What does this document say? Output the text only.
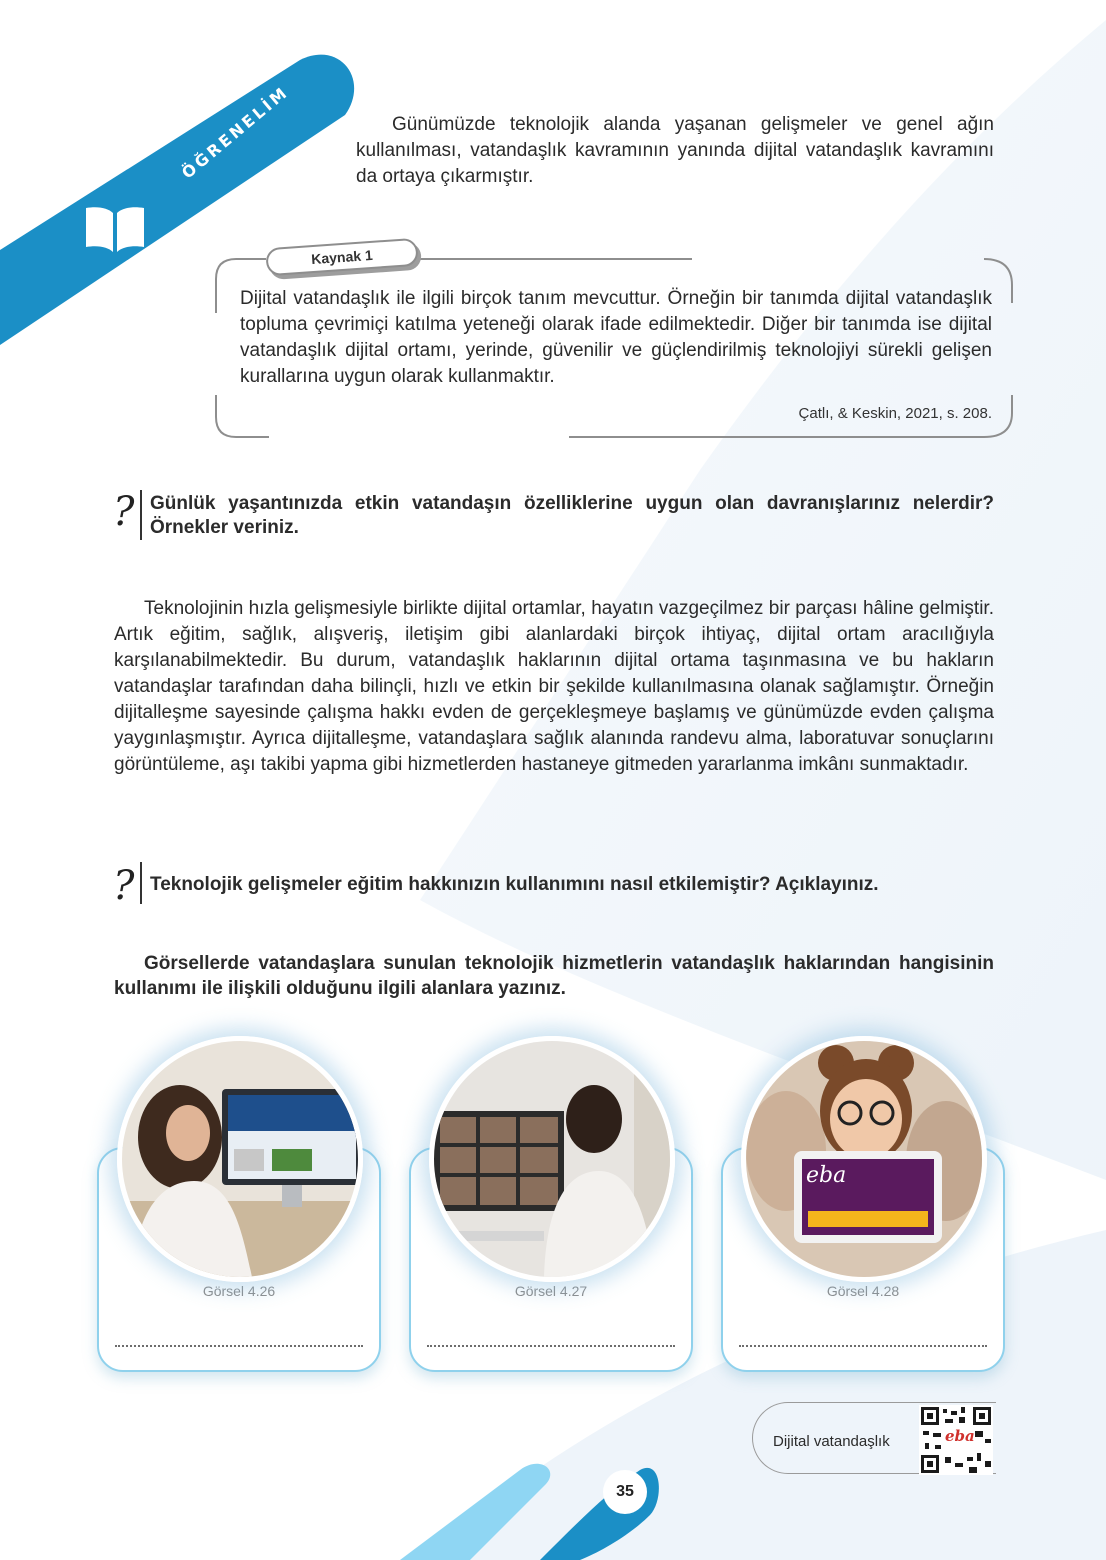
ÖĞRENELİM	Günümüzde teknolojik alanda yaşanan gelişmeler ve genel ağın kullanılması, vatandaşlık kavramının yanında dijital vatandaşlık kavramını da ortaya çıkarmıştır.

Kaynak 1

Dijital vatandaşlık ile ilgili birçok tanım mevcuttur. Örneğin bir tanımda dijital vatandaşlık topluma çevrimiçi katılma yeteneği olarak ifade edilmektedir. Diğer bir tanımda ise dijital vatandaşlık dijital ortamı, yerinde, güvenilir ve güçlendirilmiş teknolojiyi sürekli gelişen kurallarına uygun olarak kullanmaktır.

Çatlı, & Keskin, 2021, s. 208.
? Günlük yaşantınızda etkin vatandaşın özelliklerine uygun olan davranışlarınız nelerdir? Örnekler veriniz.

Teknolojinin hızla gelişmesiyle birlikte dijital ortamlar, hayatın vazgeçilmez bir parçası hâline gelmiştir. Artık eğitim, sağlık, alışveriş, iletişim gibi alanlardaki birçok ihtiyaç, dijital ortam aracılığıyla karşılanabilmektedir. Bu durum, vatandaşlık haklarının dijital ortama taşınmasına ve bu hakların vatandaşlar tarafından daha bilinçli, hızlı ve etkin bir şekilde kullanılmasına olanak sağlamıştır. Örneğin dijitalleşme sayesinde çalışma hakkı evden de gerçekleşmeye başlamış ve günümüzde evden çalışma yaygınlaşmıştır. Ayrıca dijitalleşme, vatandaşlara sağlık alanında randevu alma, laboratuvar sonuçlarını görüntüleme, aşı takibi yapma gibi hizmetlerden hastaneye gitmeden yararlanma imkânı sunmaktadır.

? Teknolojik gelişmeler eğitim hakkınızın kullanımını nasıl etkilemiştir? Açıklayınız.

Görsellerde vatandaşlara sunulan teknolojik hizmetlerin vatandaşlık haklarından hangisinin kullanımı ile ilişkili olduğunu ilgili alanlara yazınız.

Görsel 4.26	Görsel 4.27	Görsel 4.28
eba
Dijital vatandaşlık	eba
35
